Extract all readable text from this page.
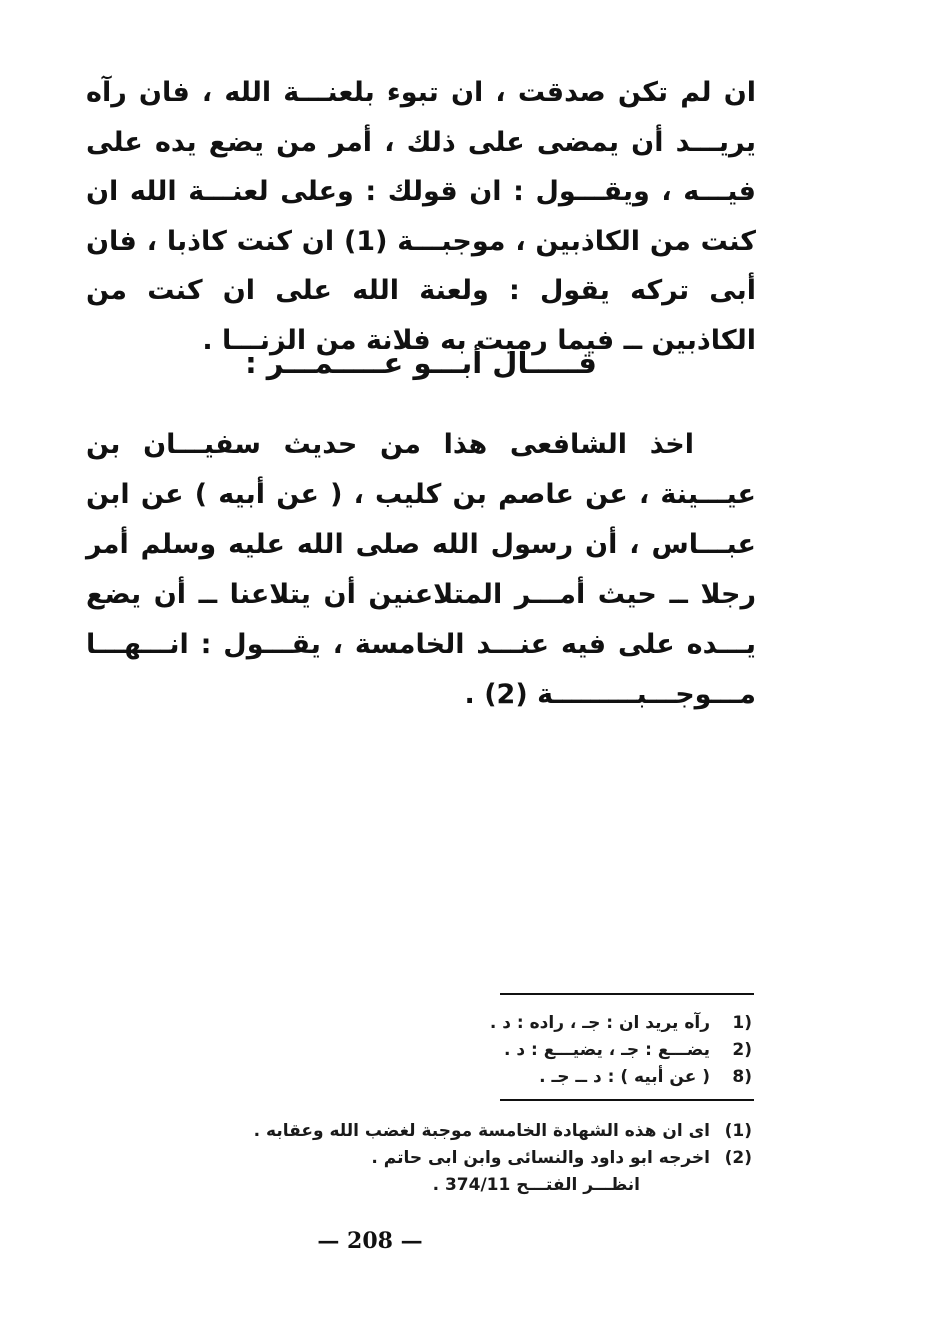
ان لم تكن صدقت ، ان تبوء بلعنـــة الله ، فان رآه يريـــد أن يمضى على ذلك ، أمر من يضع يده على فيـــه ، ويقـــول : ان قولك : وعلى لعنـــة الله ان كنت من الكاذبين ، موجبـــة (1) ان كنت كاذبا ، فان أبى تركه يقول : ولعنة الله على ان كنت من الكاذبين ــ فيما رميت به فلانة من الزنـــا .

قـــــال أبـــو عـــــمـــر :
اخذ الشافعى هذا من حديث سفيـــان بن عيـــينة ، عن عاصم بن كليب ، ( عن أبيه ) عن ابن عبـــاس ، أن رسول الله صلى الله عليه وسلم أمر رجلا ــ حيث أمـــر المتلاعنين أن يتلاعنا ــ أن يضع يـــده على فيه عنـــد الخامسة ، يقـــول : انـــهـــا مـــوجـــبـــــــــة (2) .
1)
رآه يريد ان : جـ ، راده : د .
2)
يضـــع : جـ ، يضيـــع : د .
8)
( عن أبيه ) : د ــ جـ .
(1)
اى ان هذه الشهادة الخامسة موجبة لغضب الله وعقابه .
(2)
اخرجه ابو داود والنسائى وابن ابى حاتم .
انظـــر الفتـــح 374/11 .
— 208 —
